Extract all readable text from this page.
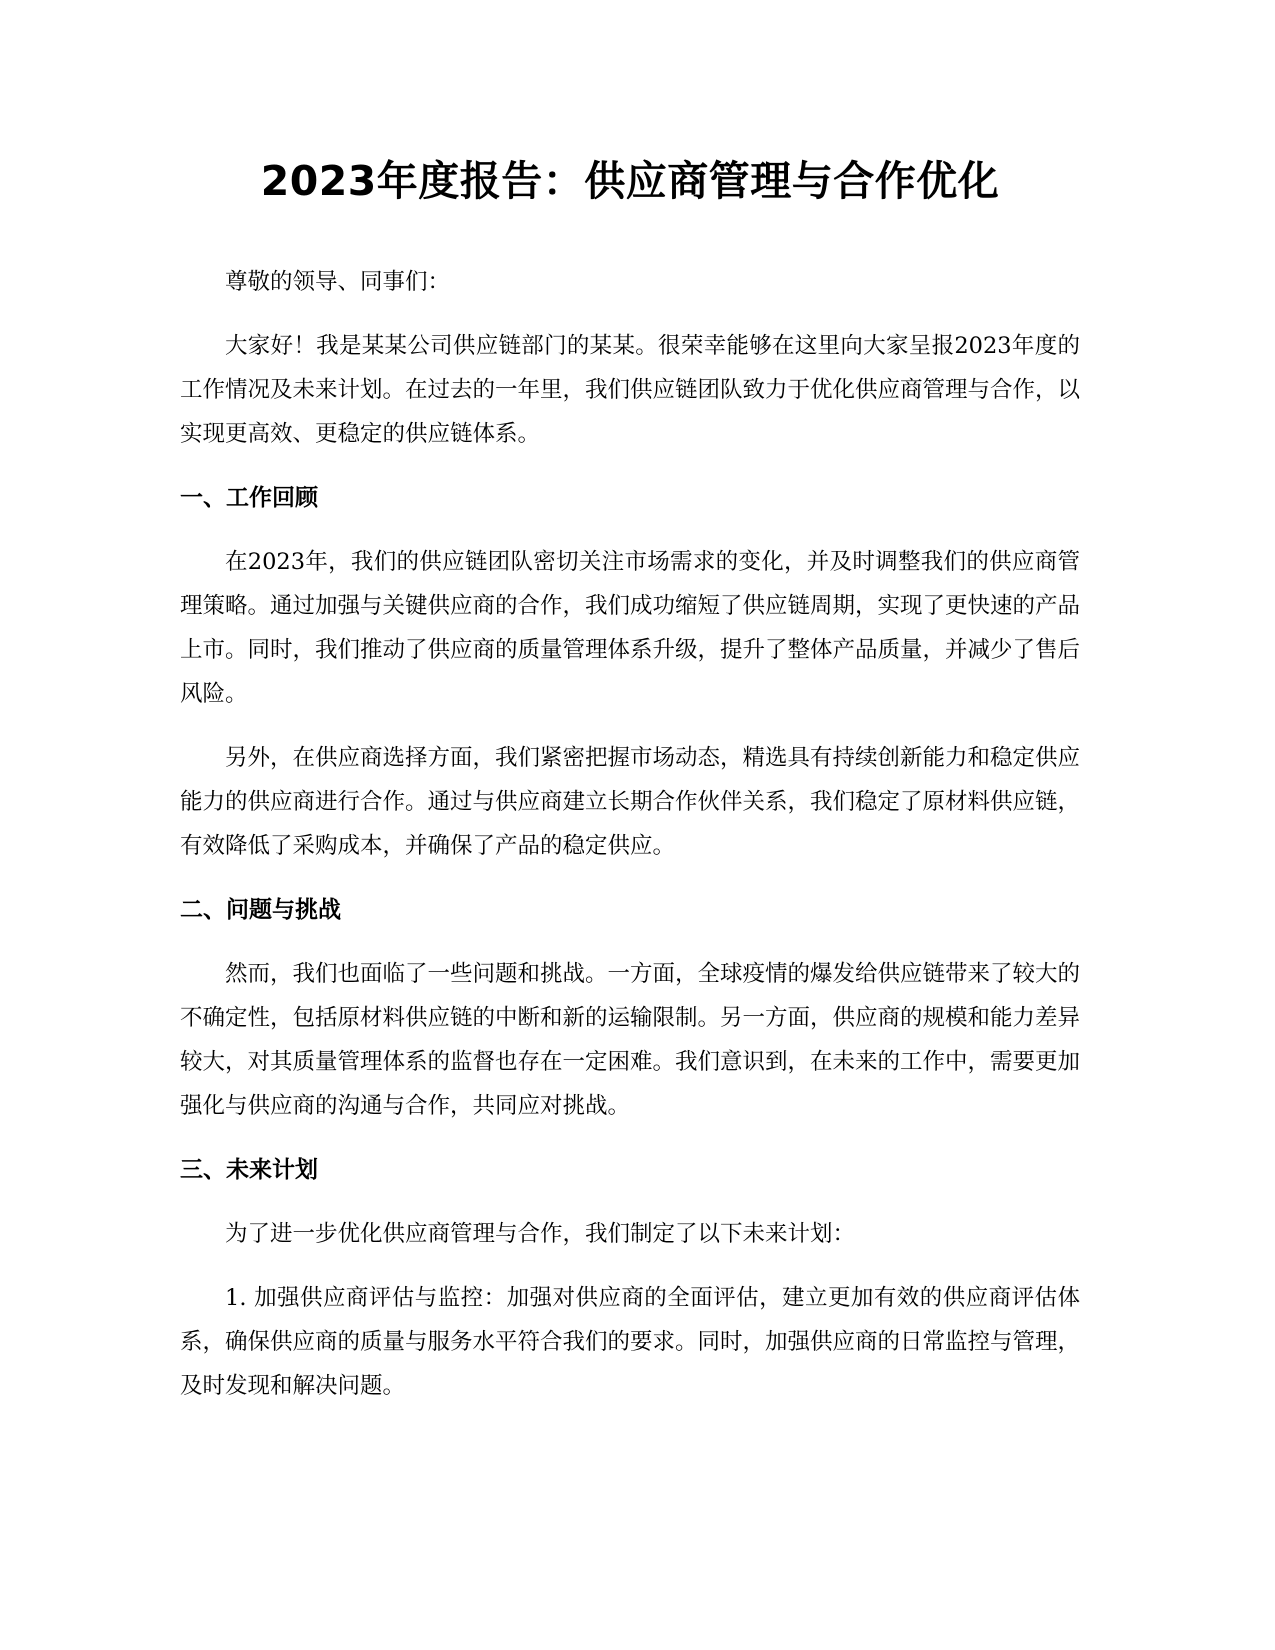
2023年度报告：供应商管理与合作优化

尊敬的领导、同事们：

大家好！我是某某公司供应链部门的某某。很荣幸能够在这里向大家呈报2023年度的工作情况及未来计划。在过去的一年里，我们供应链团队致力于优化供应商管理与合作，以实现更高效、更稳定的供应链体系。

一、工作回顾

在2023年，我们的供应链团队密切关注市场需求的变化，并及时调整我们的供应商管理策略。通过加强与关键供应商的合作，我们成功缩短了供应链周期，实现了更快速的产品上市。同时，我们推动了供应商的质量管理体系升级，提升了整体产品质量，并减少了售后风险。

另外，在供应商选择方面，我们紧密把握市场动态，精选具有持续创新能力和稳定供应能力的供应商进行合作。通过与供应商建立长期合作伙伴关系，我们稳定了原材料供应链，有效降低了采购成本，并确保了产品的稳定供应。

二、问题与挑战

然而，我们也面临了一些问题和挑战。一方面，全球疫情的爆发给供应链带来了较大的不确定性，包括原材料供应链的中断和新的运输限制。另一方面，供应商的规模和能力差异较大，对其质量管理体系的监督也存在一定困难。我们意识到，在未来的工作中，需要更加强化与供应商的沟通与合作，共同应对挑战。

三、未来计划

为了进一步优化供应商管理与合作，我们制定了以下未来计划：

1. 加强供应商评估与监控：加强对供应商的全面评估，建立更加有效的供应商评估体系，确保供应商的质量与服务水平符合我们的要求。同时，加强供应商的日常监控与管理，及时发现和解决问题。
